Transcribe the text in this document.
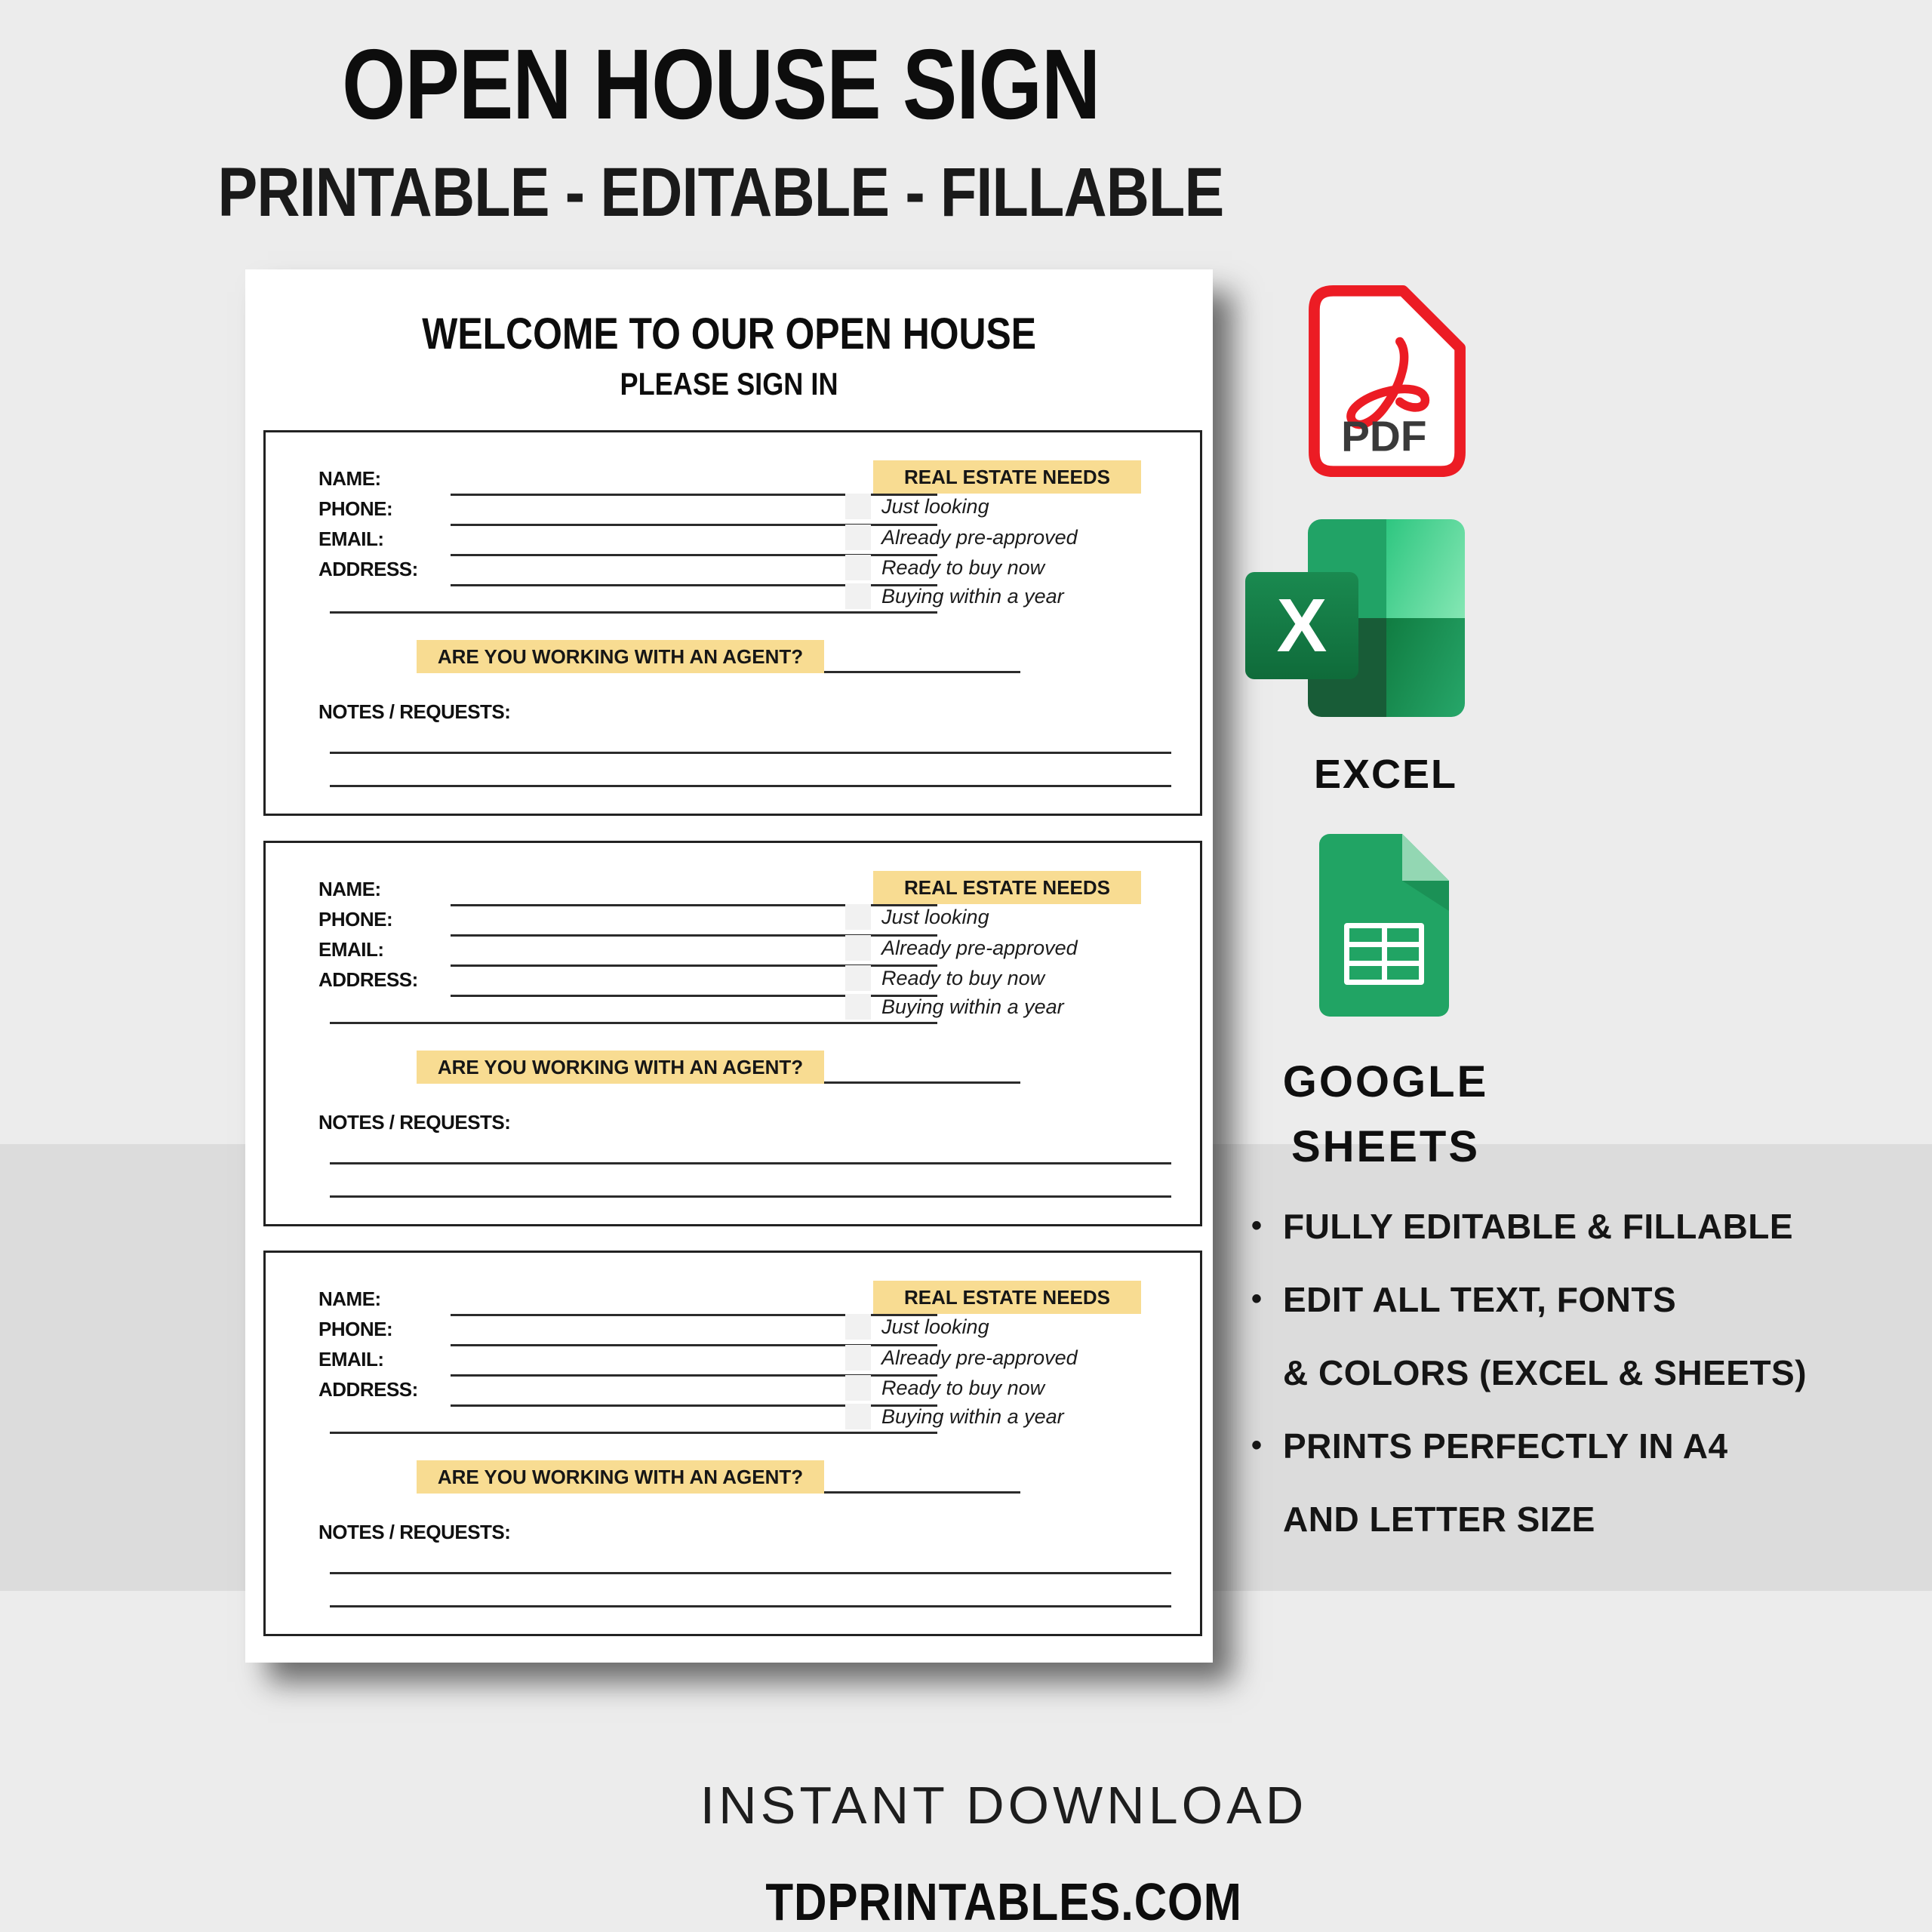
OPEN HOUSE SIGN
PRINTABLE - EDITABLE - FILLABLE
WELCOME TO OUR OPEN HOUSE
PLEASE SIGN IN
NAME:
PHONE:
EMAIL:
ADDRESS:
REAL ESTATE NEEDS
Just looking
Already pre-approved
Ready to buy now
Buying within a year
ARE YOU WORKING WITH AN AGENT?
NOTES / REQUESTS:
NAME:
PHONE:
EMAIL:
ADDRESS:
REAL ESTATE NEEDS
Just looking
Already pre-approved
Ready to buy now
Buying within a year
ARE YOU WORKING WITH AN AGENT?
NOTES / REQUESTS:
NAME:
PHONE:
EMAIL:
ADDRESS:
REAL ESTATE NEEDS
Just looking
Already pre-approved
Ready to buy now
Buying within a year
ARE YOU WORKING WITH AN AGENT?
NOTES / REQUESTS:
PDF
X
EXCEL
GOOGLE
SHEETS
• FULLY EDITABLE & FILLABLE
• EDIT ALL TEXT, FONTS
& COLORS (EXCEL & SHEETS)
• PRINTS PERFECTLY IN A4
AND LETTER SIZE
INSTANT DOWNLOAD
TDPRINTABLES.COM
